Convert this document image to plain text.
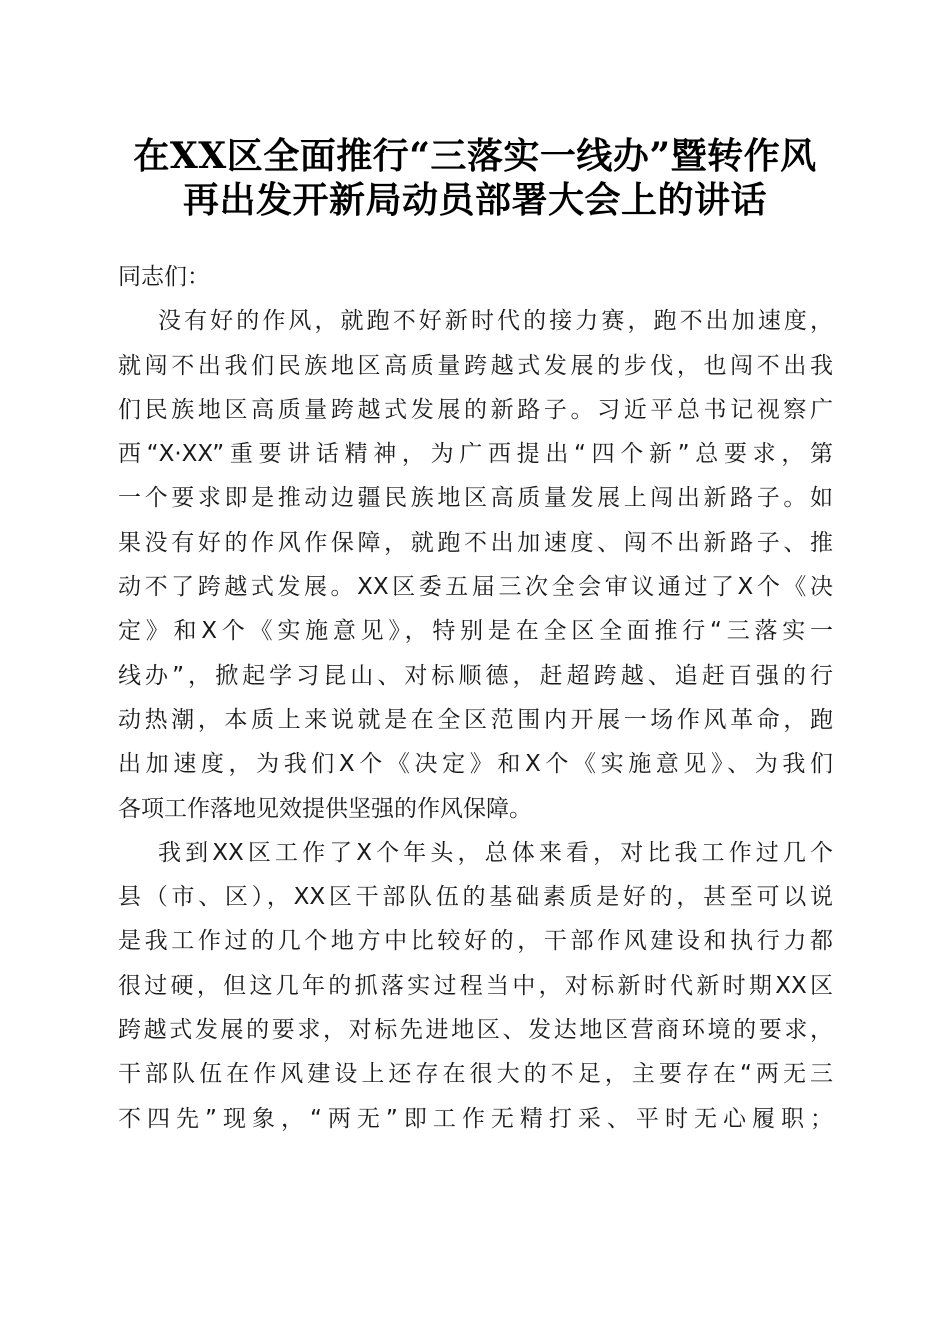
在XX区全面推行“三落实一线办”暨转作风
再出发开新局动员部署大会上的讲话
同志们：
没有好的作风，就跑不好新时代的接力赛，跑不出加速度，
就闯不出我们民族地区高质量跨越式发展的步伐，也闯不出我
们民族地区高质量跨越式发展的新路子。习近平总书记视察广
西“X·XX”重要讲话精神，为广西提出“四个新”总要求，第
一个要求即是推动边疆民族地区高质量发展上闯出新路子。如
果没有好的作风作保障，就跑不出加速度、闯不出新路子、推
动不了跨越式发展。XX区委五届三次全会审议通过了X个《决
定》和X个《实施意见》，特别是在全区全面推行“三落实一
线办”，掀起学习昆山、对标顺德，赶超跨越、追赶百强的行
动热潮，本质上来说就是在全区范围内开展一场作风革命，跑
出加速度，为我们X个《决定》和X个《实施意见》、为我们
各项工作落地见效提供坚强的作风保障。
我到XX区工作了X个年头，总体来看，对比我工作过几个
县（市、区），XX区干部队伍的基础素质是好的，甚至可以说
是我工作过的几个地方中比较好的，干部作风建设和执行力都
很过硬，但这几年的抓落实过程当中，对标新时代新时期XX区
跨越式发展的要求，对标先进地区、发达地区营商环境的要求，
干部队伍在作风建设上还存在很大的不足，主要存在“两无三
不四先”现象，“两无”即工作无精打采、平时无心履职；
